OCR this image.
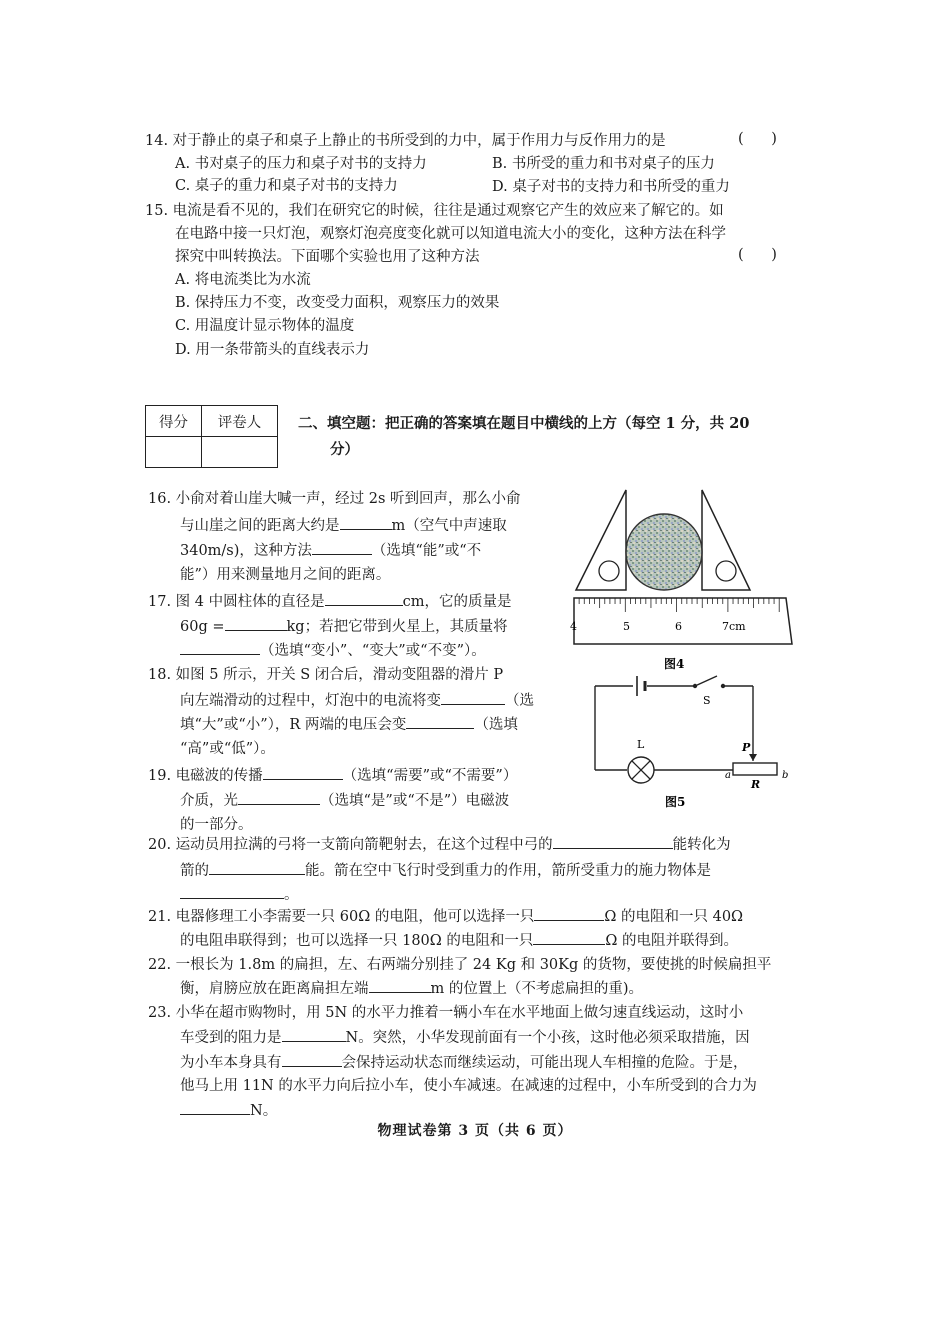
14. 对于静止的桌子和桌子上静止的书所受到的力中，属于作用力与反作用力的是	(      )
A. 书对桌子的压力和桌子对书的支持力	B. 书所受的重力和书对桌子的压力
C. 桌子的重力和桌子对书的支持力	D. 桌子对书的支持力和书所受的重力
15. 电流是看不见的，我们在研究它的时候，往往是通过观察它产生的效应来了解它的。如
在电路中接一只灯泡，观察灯泡亮度变化就可以知道电流大小的变化，这种方法在科学
探究中叫转换法。下面哪个实验也用了这种方法	(      )
A. 将电流类比为水流
B. 保持压力不变，改变受力面积，观察压力的效果
C. 用温度计显示物体的温度
D. 用一条带箭头的直线表示力
得分	评卷人
		二、填空题：把正确的答案填在题目中横线的上方（每空 1 分，共 20
分）
16. 小俞对着山崖大喊一声，经过 2s 听到回声，那么小俞
与山崖之间的距离大约是	m（空气中声速取
340m/s)，这种方法	（选填“能”或“不
能”）用来测量地月之间的距离。
17. 图 4 中圆柱体的直径是	cm，它的质量是
60g =	kg；若把它带到火星上，其质量将
（选填“变小”、“变大”或“不变”）。
18. 如图 5 所示，开关 S 闭合后，滑动变阻器的滑片 P
向左端滑动的过程中，灯泡中的电流将变	（选
填“大”或“小”），R 两端的电压会变	（选填
“高”或“低”）。
19. 电磁波的传播	（选填“需要”或“不需要”）
介质，光	（选填“是”或“不是”）电磁波
的一部分。
20. 运动员用拉满的弓将一支箭向箭靶射去，在这个过程中弓的	能转化为
箭的	能。箭在空中飞行时受到重力的作用，箭所受重力的施力物体是
。
21. 电器修理工小李需要一只 60Ω 的电阻，他可以选择一只	Ω 的电阻和一只 40Ω
的电阻串联得到；也可以选择一只 180Ω 的电阻和一只	Ω 的电阻并联得到。
22. 一根长为 1.8m 的扁担，左、右两端分别挂了 24 Kg 和 30Kg 的货物，要使挑的时候扁担平
衡，肩膀应放在距离扁担左端	m 的位置上（不考虑扁担的重)。
23. 小华在超市购物时，用 5N 的水平力推着一辆小车在水平地面上做匀速直线运动，这时小
车受到的阻力是	N。突然，小华发现前面有一个小孩，这时他必须采取措施，因
为小车本身具有	会保持运动状态而继续运动，可能出现人车相撞的危险。于是，
他马上用 11N 的水平力向后拉小车，使小车减速。在减速的过程中，小车所受到的合力为
N。
4	5	6	7cm
图4
S
P
L
a	b
R
图5
物理试卷第 3 页（共 6 页）
